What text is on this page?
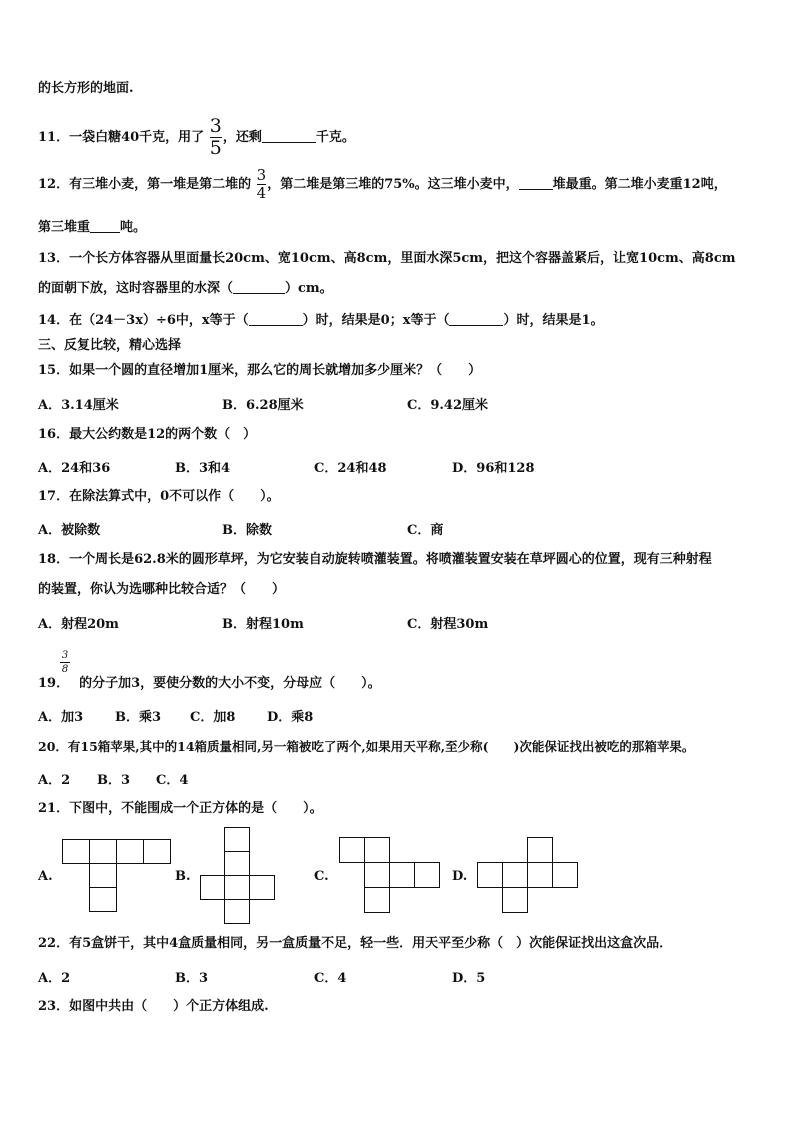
的长方形的地面.
11．一袋白糖40千克，用了 $\frac{3}{5}$ ，还剩	千克。
12．有三堆小麦，第一堆是第二堆的 $\frac{3}{4}$ ，第二堆是第三堆的75%。这三堆小麦中，	堆最重。第二堆小麦重12吨，
第三堆重 吨。
13．一个长方体容器从里面量长20cm、宽10cm、高8cm，里面水深5cm，把这个容器盖紧后，让宽10cm、高8cm
的面朝下放，这时容器里的水深（	）cm。
14．在（24－3x）÷6中，x等于（	）时，结果是0；x等于（	）时，结果是1。
三、反复比较，精心选择
15．如果一个圆的直径增加1厘米，那么它的周长就增加多少厘米？（　　）
A．3.14厘米	B．6.28厘米	C．9.42厘米
16．最大公约数是12的两个数（　）
A．24和36	B．3和4	C．24和48	D．96和128
17．在除法算式中，0不可以作（　　）。
A．被除数	B．除数	C．商
18．一个周长是62.8米的圆形草坪，为它安装自动旋转喷灌装置。将喷灌装置安装在草坪圆心的位置，现有三种射程
的装置，你认为选哪种比较合适？（　　）
A．射程20m	B．射程10m	C．射程30m
3
8
19． 的分子加3，要使分数的大小不变，分母应（　　）。
A．加3 B．乘3 C．加8 D．乘8
20．有15箱苹果,其中的14箱质量相同,另一箱被吃了两个,如果用天平称,至少称(　　)次能保证找出被吃的那箱苹果。
A．2 B．3 C．4
21．下图中，不能围成一个正方体的是（　　）。
A.	B.	C.	D.
22．有5盒饼干，其中4盒质量相同，另一盒质量不足，轻一些．用天平至少称（　）次能保证找出这盒次品．
A．2	B．3	C．4	D．5
23．如图中共由（　　）个正方体组成.
